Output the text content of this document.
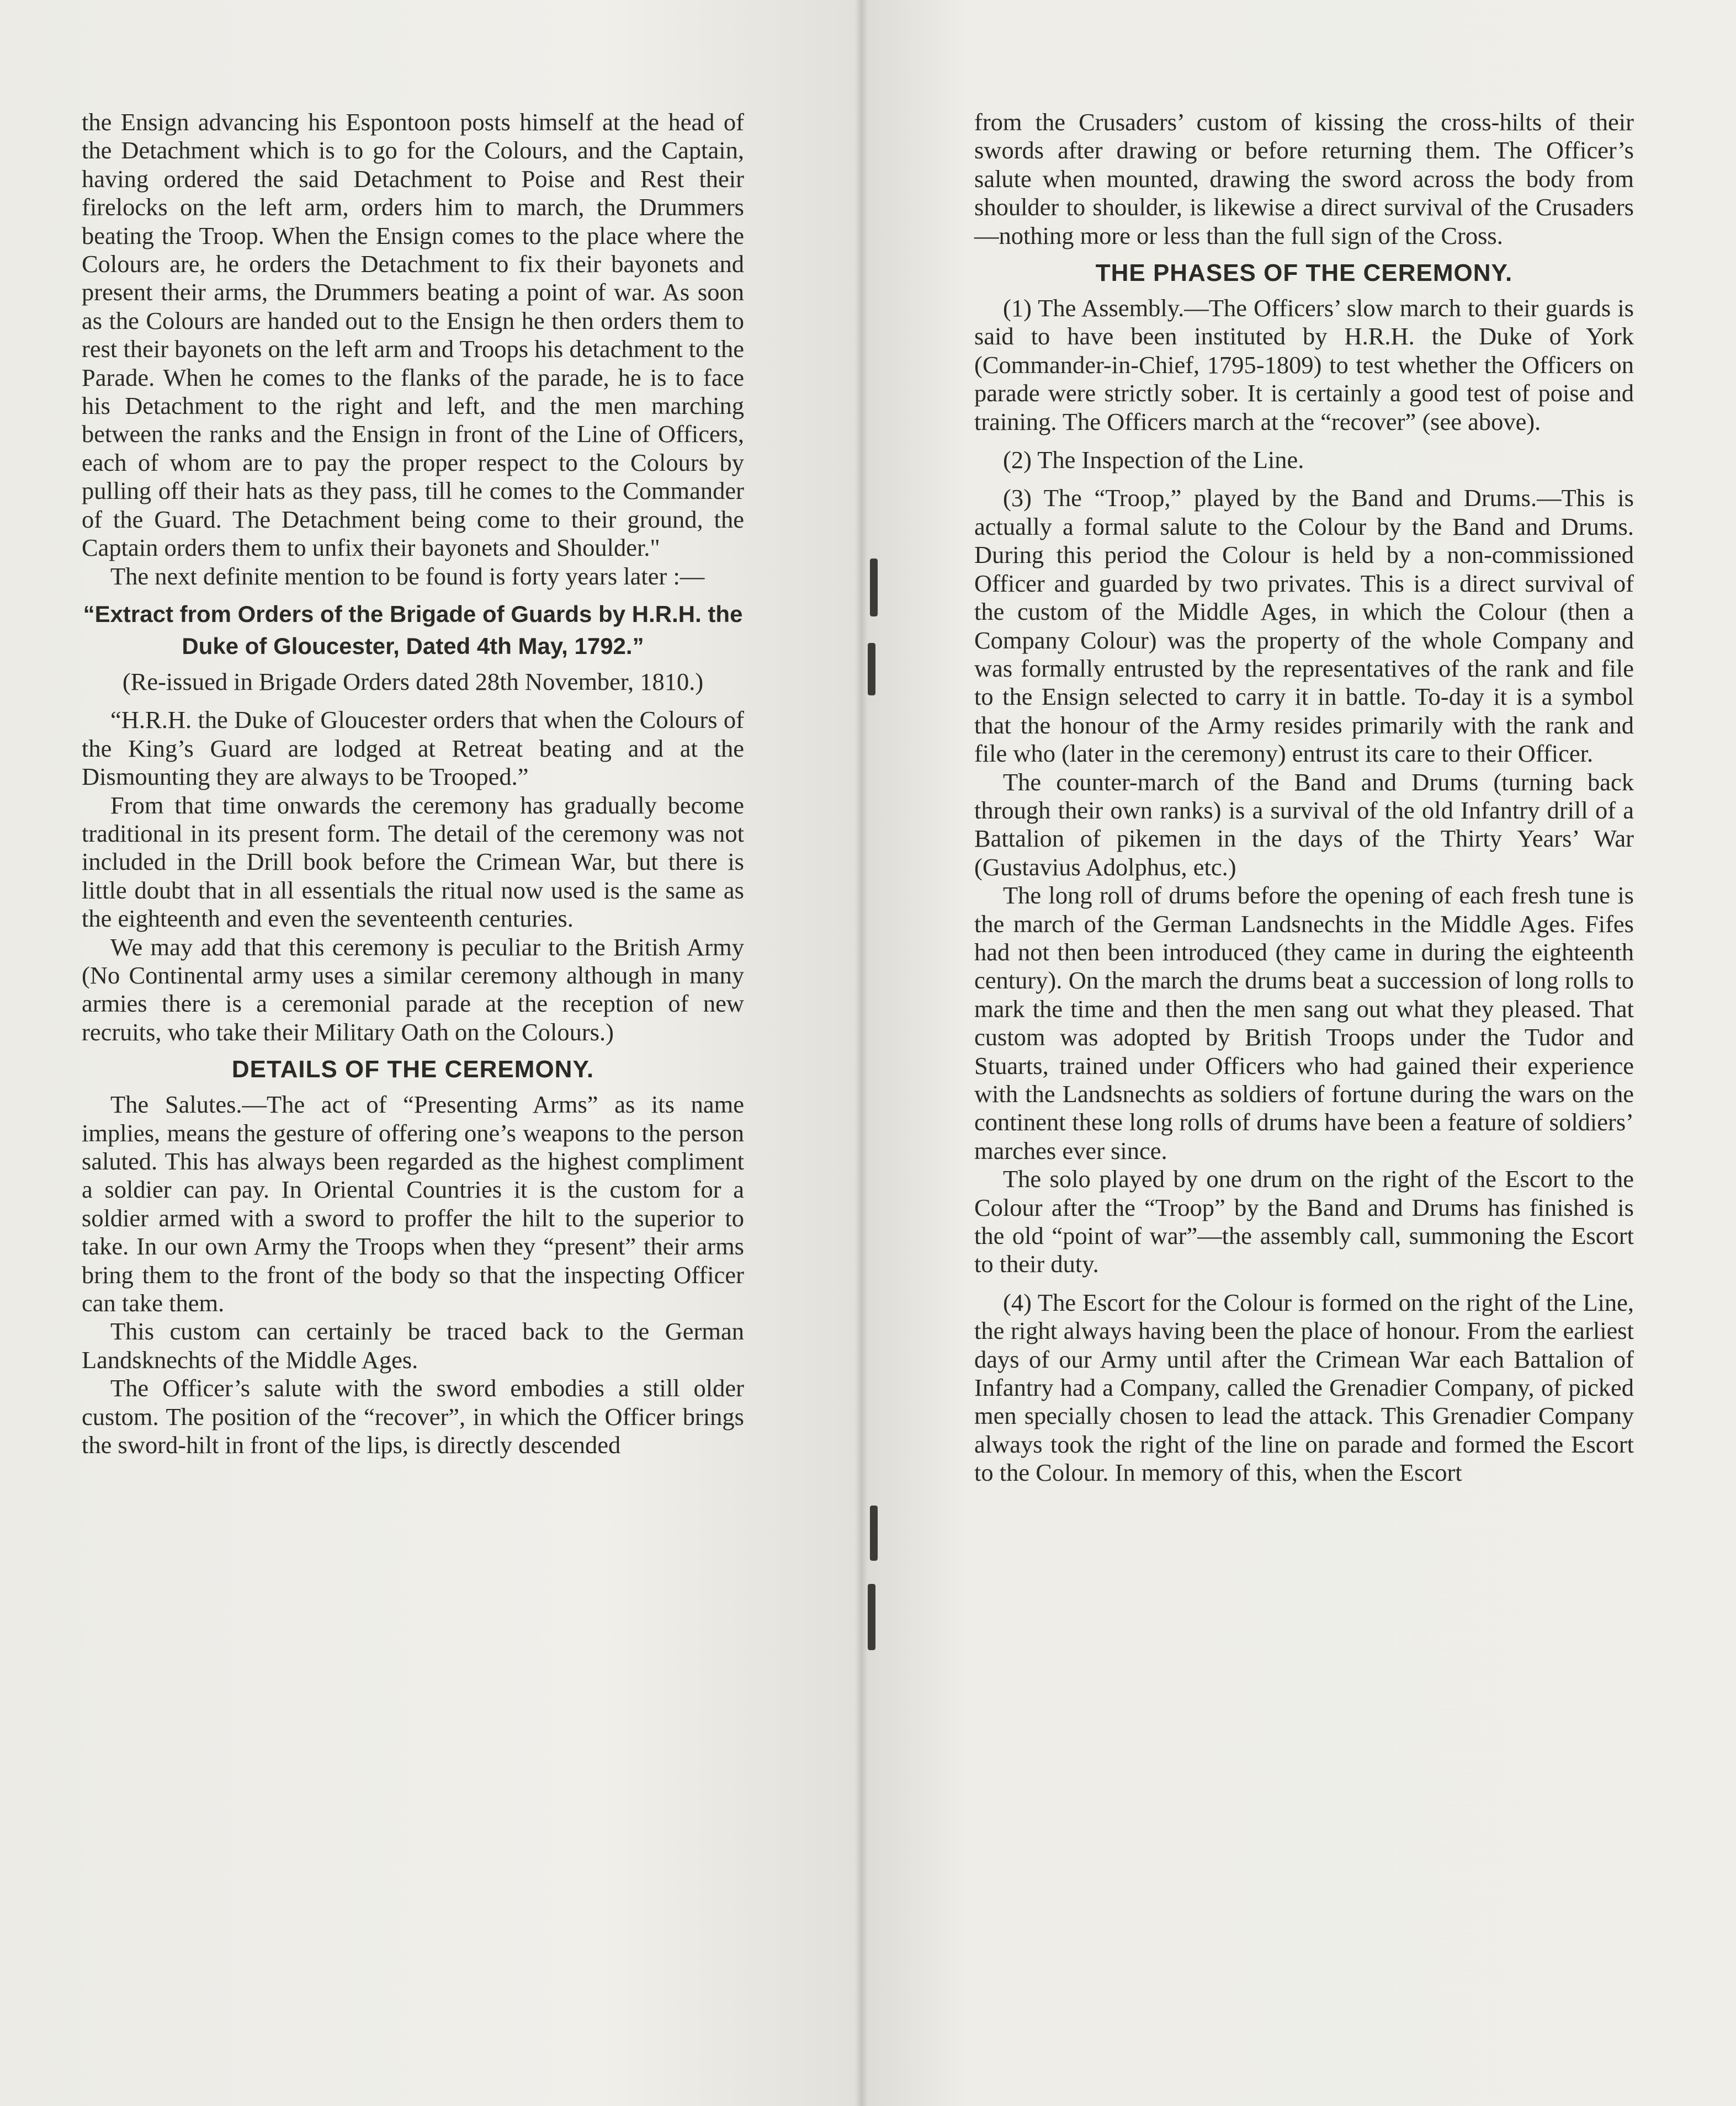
the Ensign advancing his Espontoon posts himself at the head of the Detachment which is to go for the Colours, and the Captain, having ordered the said Detachment to Poise and Rest their firelocks on the left arm, orders him to march, the Drummers beating the Troop. When the Ensign comes to the place where the Colours are, he orders the Detachment to fix their bayonets and present their arms, the Drummers beating a point of war. As soon as the Colours are handed out to the Ensign he then orders them to rest their bayonets on the left arm and Troops his detachment to the Parade. When he comes to the flanks of the parade, he is to face his Detachment to the right and left, and the men marching between the ranks and the Ensign in front of the Line of Officers, each of whom are to pay the proper respect to the Colours by pulling off their hats as they pass, till he comes to the Commander of the Guard. The Detachment being come to their ground, the Captain orders them to unfix their bayonets and Shoulder."

The next definite mention to be found is forty years later :—

“Extract from Orders of the Brigade of Guards by H.R.H. the Duke of Gloucester, Dated 4th May, 1792.”

(Re-issued in Brigade Orders dated 28th November, 1810.)

“H.R.H. the Duke of Gloucester orders that when the Colours of the King’s Guard are lodged at Retreat beating and at the Dismounting they are always to be Trooped.”

From that time onwards the ceremony has gradually become traditional in its present form. The detail of the ceremony was not included in the Drill book before the Crimean War, but there is little doubt that in all essentials the ritual now used is the same as the eighteenth and even the seventeenth centuries.

We may add that this ceremony is peculiar to the British Army (No Continental army uses a similar ceremony although in many armies there is a ceremonial parade at the reception of new recruits, who take their Military Oath on the Colours.)

DETAILS OF THE CEREMONY.

The Salutes.—The act of “Presenting Arms” as its name implies, means the gesture of offering one’s weapons to the person saluted. This has always been regarded as the highest compliment a soldier can pay. In Oriental Countries it is the custom for a soldier armed with a sword to proffer the hilt to the superior to take. In our own Army the Troops when they “present” their arms bring them to the front of the body so that the inspecting Officer can take them.

This custom can certainly be traced back to the German Landsknechts of the Middle Ages.

The Officer’s salute with the sword embodies a still older custom. The position of the “recover”, in which the Officer brings the sword-hilt in front of the lips, is directly descended

from the Crusaders’ custom of kissing the cross-hilts of their swords after drawing or before returning them. The Officer’s salute when mounted, drawing the sword across the body from shoulder to shoulder, is likewise a direct survival of the Crusaders—nothing more or less than the full sign of the Cross.

THE PHASES OF THE CEREMONY.

(1) The Assembly.—The Officers’ slow march to their guards is said to have been instituted by H.R.H. the Duke of York (Commander-in-Chief, 1795-1809) to test whether the Officers on parade were strictly sober. It is certainly a good test of poise and training. The Officers march at the “recover” (see above).

(2) The Inspection of the Line.

(3) The “Troop,” played by the Band and Drums.—This is actually a formal salute to the Colour by the Band and Drums. During this period the Colour is held by a non-commissioned Officer and guarded by two privates. This is a direct survival of the custom of the Middle Ages, in which the Colour (then a Company Colour) was the property of the whole Company and was formally entrusted by the representatives of the rank and file to the Ensign selected to carry it in battle. To-day it is a symbol that the honour of the Army resides primarily with the rank and file who (later in the ceremony) entrust its care to their Officer.

The counter-march of the Band and Drums (turning back through their own ranks) is a survival of the old Infantry drill of a Battalion of pikemen in the days of the Thirty Years’ War (Gustavius Adolphus, etc.)

The long roll of drums before the opening of each fresh tune is the march of the German Landsnechts in the Middle Ages. Fifes had not then been introduced (they came in during the eighteenth century). On the march the drums beat a succession of long rolls to mark the time and then the men sang out what they pleased. That custom was adopted by British Troops under the Tudor and Stuarts, trained under Officers who had gained their experience with the Landsnechts as soldiers of fortune during the wars on the continent these long rolls of drums have been a feature of soldiers’ marches ever since.

The solo played by one drum on the right of the Escort to the Colour after the “Troop” by the Band and Drums has finished is the old “point of war”—the assembly call, summoning the Escort to their duty.

(4) The Escort for the Colour is formed on the right of the Line, the right always having been the place of honour. From the earliest days of our Army until after the Crimean War each Battalion of Infantry had a Company, called the Grenadier Company, of picked men specially chosen to lead the attack. This Grenadier Company always took the right of the line on parade and formed the Escort to the Colour. In memory of this, when the Escort
